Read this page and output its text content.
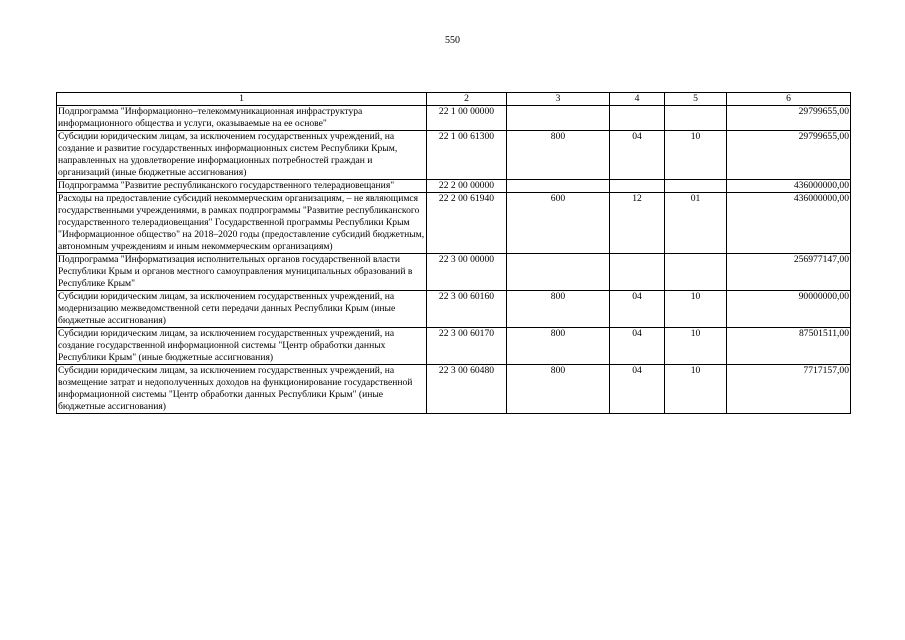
550
1	2	3	4	5	6
Подпрограмма "Информационно–телекоммуникационная инфраструктура информационного общества и услуги, оказываемые на ее основе"	22 1 00 00000				29799655,00
Субсидии юридическим лицам, за исключением государственных учреждений, на создание и развитие государственных информационных систем Республики Крым, направленных на удовлетворение информационных потребностей граждан и организаций (иные бюджетные ассигнования)	22 1 00 61300	800	04	10	29799655,00
Подпрограмма "Развитие республиканского государственного телерадиовещания"	22 2 00 00000				436000000,00
Расходы на предоставление субсидий некоммерческим организациям, – не являющимся государственными учреждениями, в рамках подпрограммы "Развитие республиканского государственного телерадиовещания" Государственной программы Республики Крым "Информационное общество" на 2018–2020 годы (предоставление субсидий бюджетным, автономным учреждениям и иным некоммерческим организациям)	22 2 00 61940	600	12	01	436000000,00
Подпрограмма "Информатизация исполнительных органов государственной власти Республики Крым и органов местного самоуправления муниципальных образований в Республике Крым"	22 3 00 00000				256977147,00
Субсидии юридическим лицам, за исключением государственных учреждений, на модернизацию межведомственной сети передачи данных Республики Крым (иные бюджетные ассигнования)	22 3 00 60160	800	04	10	90000000,00
Субсидии юридическим лицам, за исключением государственных учреждений, на создание государственной информационной системы "Центр обработки данных Республики Крым" (иные бюджетные ассигнования)	22 3 00 60170	800	04	10	87501511,00
Субсидии юридическим лицам, за исключением государственных учреждений, на возмещение затрат и недополученных доходов на функционирование государственной информационной системы "Центр обработки данных Республики Крым" (иные бюджетные ассигнования)	22 3 00 60480	800	04	10	7717157,00
